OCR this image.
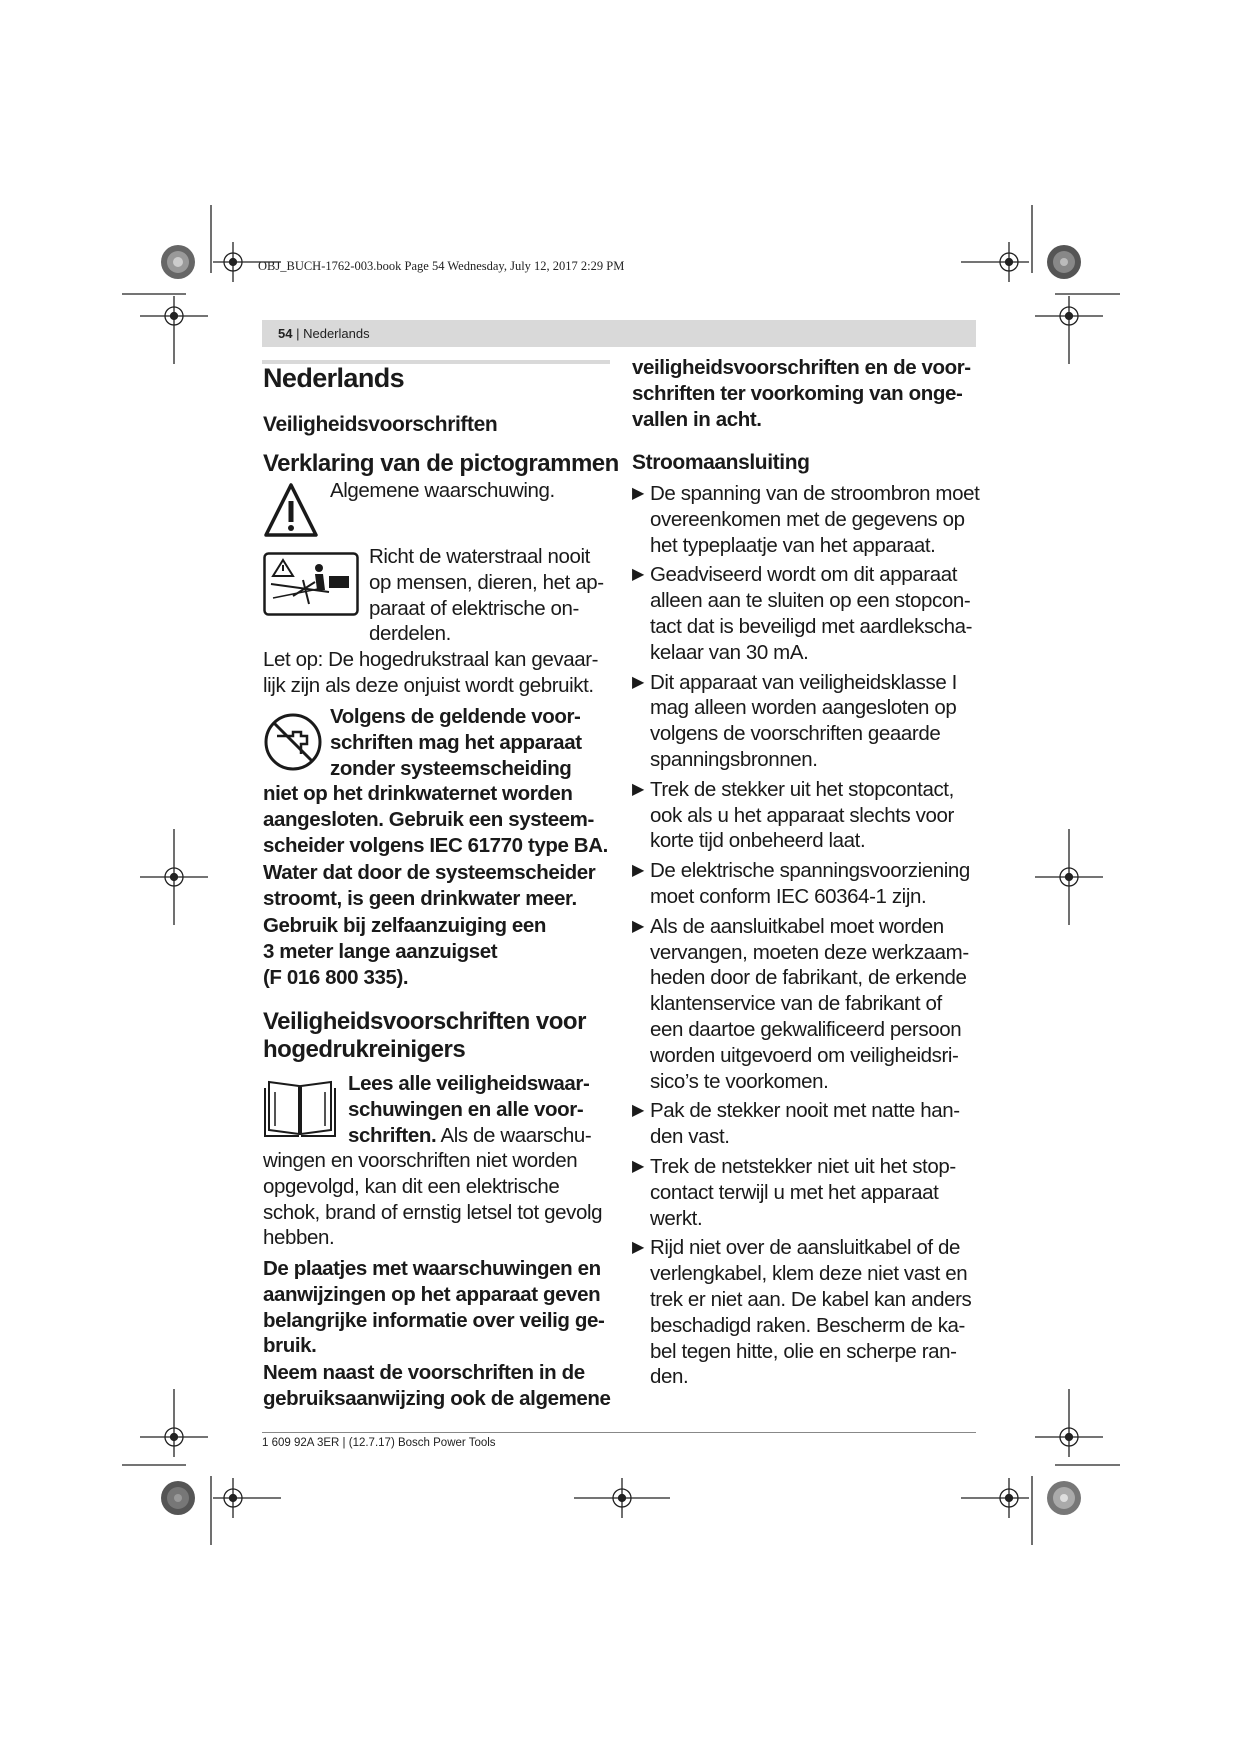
OBJ_BUCH-1762-003.book Page 54 Wednesday, July 12, 2017 2:29 PM
54 | Nederlands
Nederlands
Veiligheidsvoorschriften
Verklaring van de pictogrammen
Algemene waarschuwing.
Richt de waterstraal nooit
op mensen, dieren, het ap-
paraat of elektrische on-
derdelen.
Let op: De hogedrukstraal kan gevaar-
lijk zijn als deze onjuist wordt gebruikt.
Volgens de geldende voor-
schriften mag het apparaat
zonder systeemscheiding
niet op het drinkwaternet worden
aangesloten. Gebruik een systeem-
scheider volgens IEC 61770 type BA.
Water dat door de systeemscheider
stroomt, is geen drinkwater meer.
Gebruik bij zelfaanzuiging een
3 meter lange aanzuigset
(F 016 800 335).
Veiligheidsvoorschriften voor
hogedrukreinigers
Lees alle veiligheidswaar-
schuwingen en alle voor-
schriften. Als de waarschu-
wingen en voorschriften niet worden
opgevolgd, kan dit een elektrische
schok, brand of ernstig letsel tot gevolg
hebben.
De plaatjes met waarschuwingen en
aanwijzingen op het apparaat geven
belangrijke informatie over veilig ge-
bruik.
Neem naast de voorschriften in de
gebruiksaanwijzing ook de algemene
veiligheidsvoorschriften en de voor-
schriften ter voorkoming van onge-
vallen in acht.
Stroomaansluiting
▶ De spanning van de stroombron moet
overeenkomen met de gegevens op
het typeplaatje van het apparaat.
▶ Geadviseerd wordt om dit apparaat
alleen aan te sluiten op een stopcon-
tact dat is beveiligd met aardlekscha-
kelaar van 30 mA.
▶ Dit apparaat van veiligheidsklasse I
mag alleen worden aangesloten op
volgens de voorschriften geaarde
spanningsbronnen.
▶ Trek de stekker uit het stopcontact,
ook als u het apparaat slechts voor
korte tijd onbeheerd laat.
▶ De elektrische spanningsvoorziening
moet conform IEC 60364-1 zijn.
▶ Als de aansluitkabel moet worden
vervangen, moeten deze werkzaam-
heden door de fabrikant, de erkende
klantenservice van de fabrikant of
een daartoe gekwalificeerd persoon
worden uitgevoerd om veiligheidsri-
sico’s te voorkomen.
▶ Pak de stekker nooit met natte han-
den vast.
▶ Trek de netstekker niet uit het stop-
contact terwijl u met het apparaat
werkt.
▶ Rijd niet over de aansluitkabel of de
verlengkabel, klem deze niet vast en
trek er niet aan. De kabel kan anders
beschadigd raken. Bescherm de ka-
bel tegen hitte, olie en scherpe ran-
den.
1 609 92A 3ER | (12.7.17) Bosch Power Tools
